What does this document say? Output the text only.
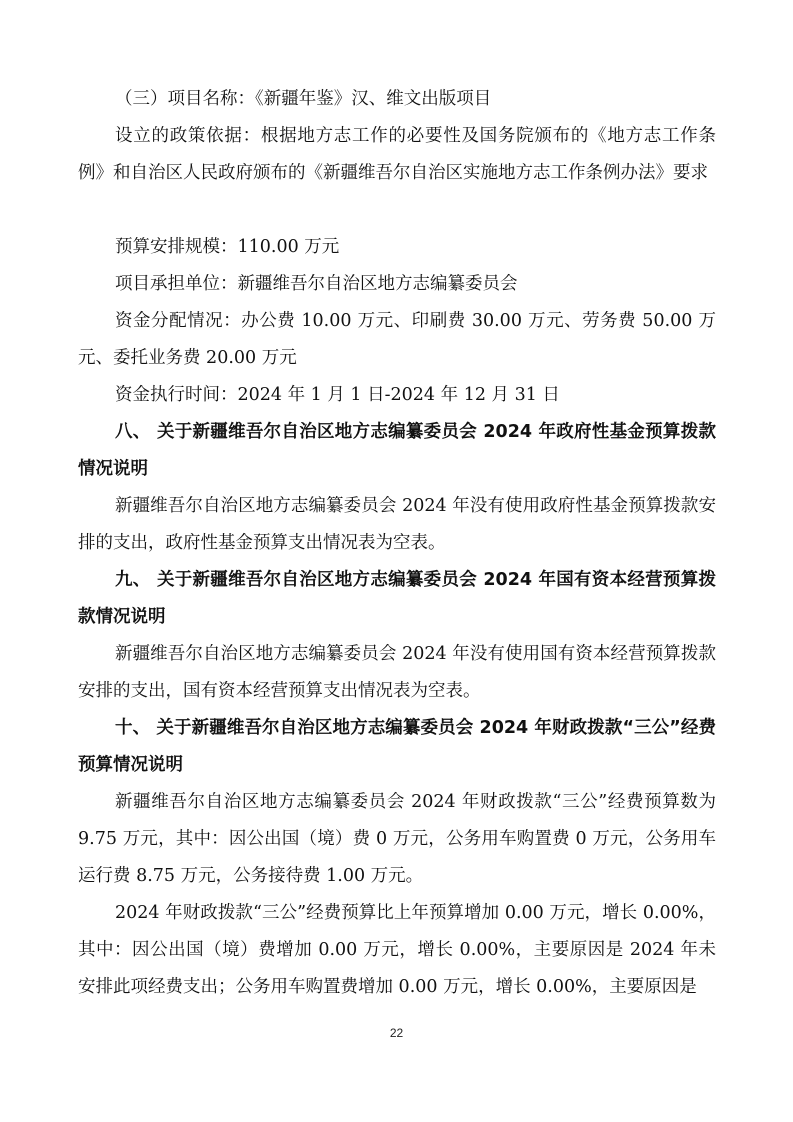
（三）项目名称：《新疆年鉴》汉、维文出版项目

设立的政策依据：根据地方志工作的必要性及国务院颁布的《地方志工作条例》和自治区人民政府颁布的《新疆维吾尔自治区实施地方志工作条例办法》要求

预算安排规模：110.00 万元

项目承担单位：新疆维吾尔自治区地方志编纂委员会

资金分配情况：办公费 10.00 万元、印刷费 30.00 万元、劳务费 50.00 万元、委托业务费 20.00 万元

资金执行时间：2024 年 1 月 1 日-2024 年 12 月 31 日

八、 关于新疆维吾尔自治区地方志编纂委员会 2024 年政府性基金预算拨款情况说明

新疆维吾尔自治区地方志编纂委员会 2024 年没有使用政府性基金预算拨款安排的支出，政府性基金预算支出情况表为空表。

九、 关于新疆维吾尔自治区地方志编纂委员会 2024 年国有资本经营预算拨款情况说明

新疆维吾尔自治区地方志编纂委员会 2024 年没有使用国有资本经营预算拨款安排的支出，国有资本经营预算支出情况表为空表。

十、 关于新疆维吾尔自治区地方志编纂委员会 2024 年财政拨款“三公”经费预算情况说明

新疆维吾尔自治区地方志编纂委员会 2024 年财政拨款“三公”经费预算数为 9.75 万元，其中：因公出国（境）费 0 万元，公务用车购置费 0 万元，公务用车运行费 8.75 万元，公务接待费 1.00 万元。

2024 年财政拨款“三公”经费预算比上年预算增加 0.00 万元，增长 0.00%，其中：因公出国（境）费增加 0.00 万元，增长 0.00%，主要原因是 2024 年未安排此项经费支出；公务用车购置费增加 0.00 万元，增长 0.00%，主要原因是

22
